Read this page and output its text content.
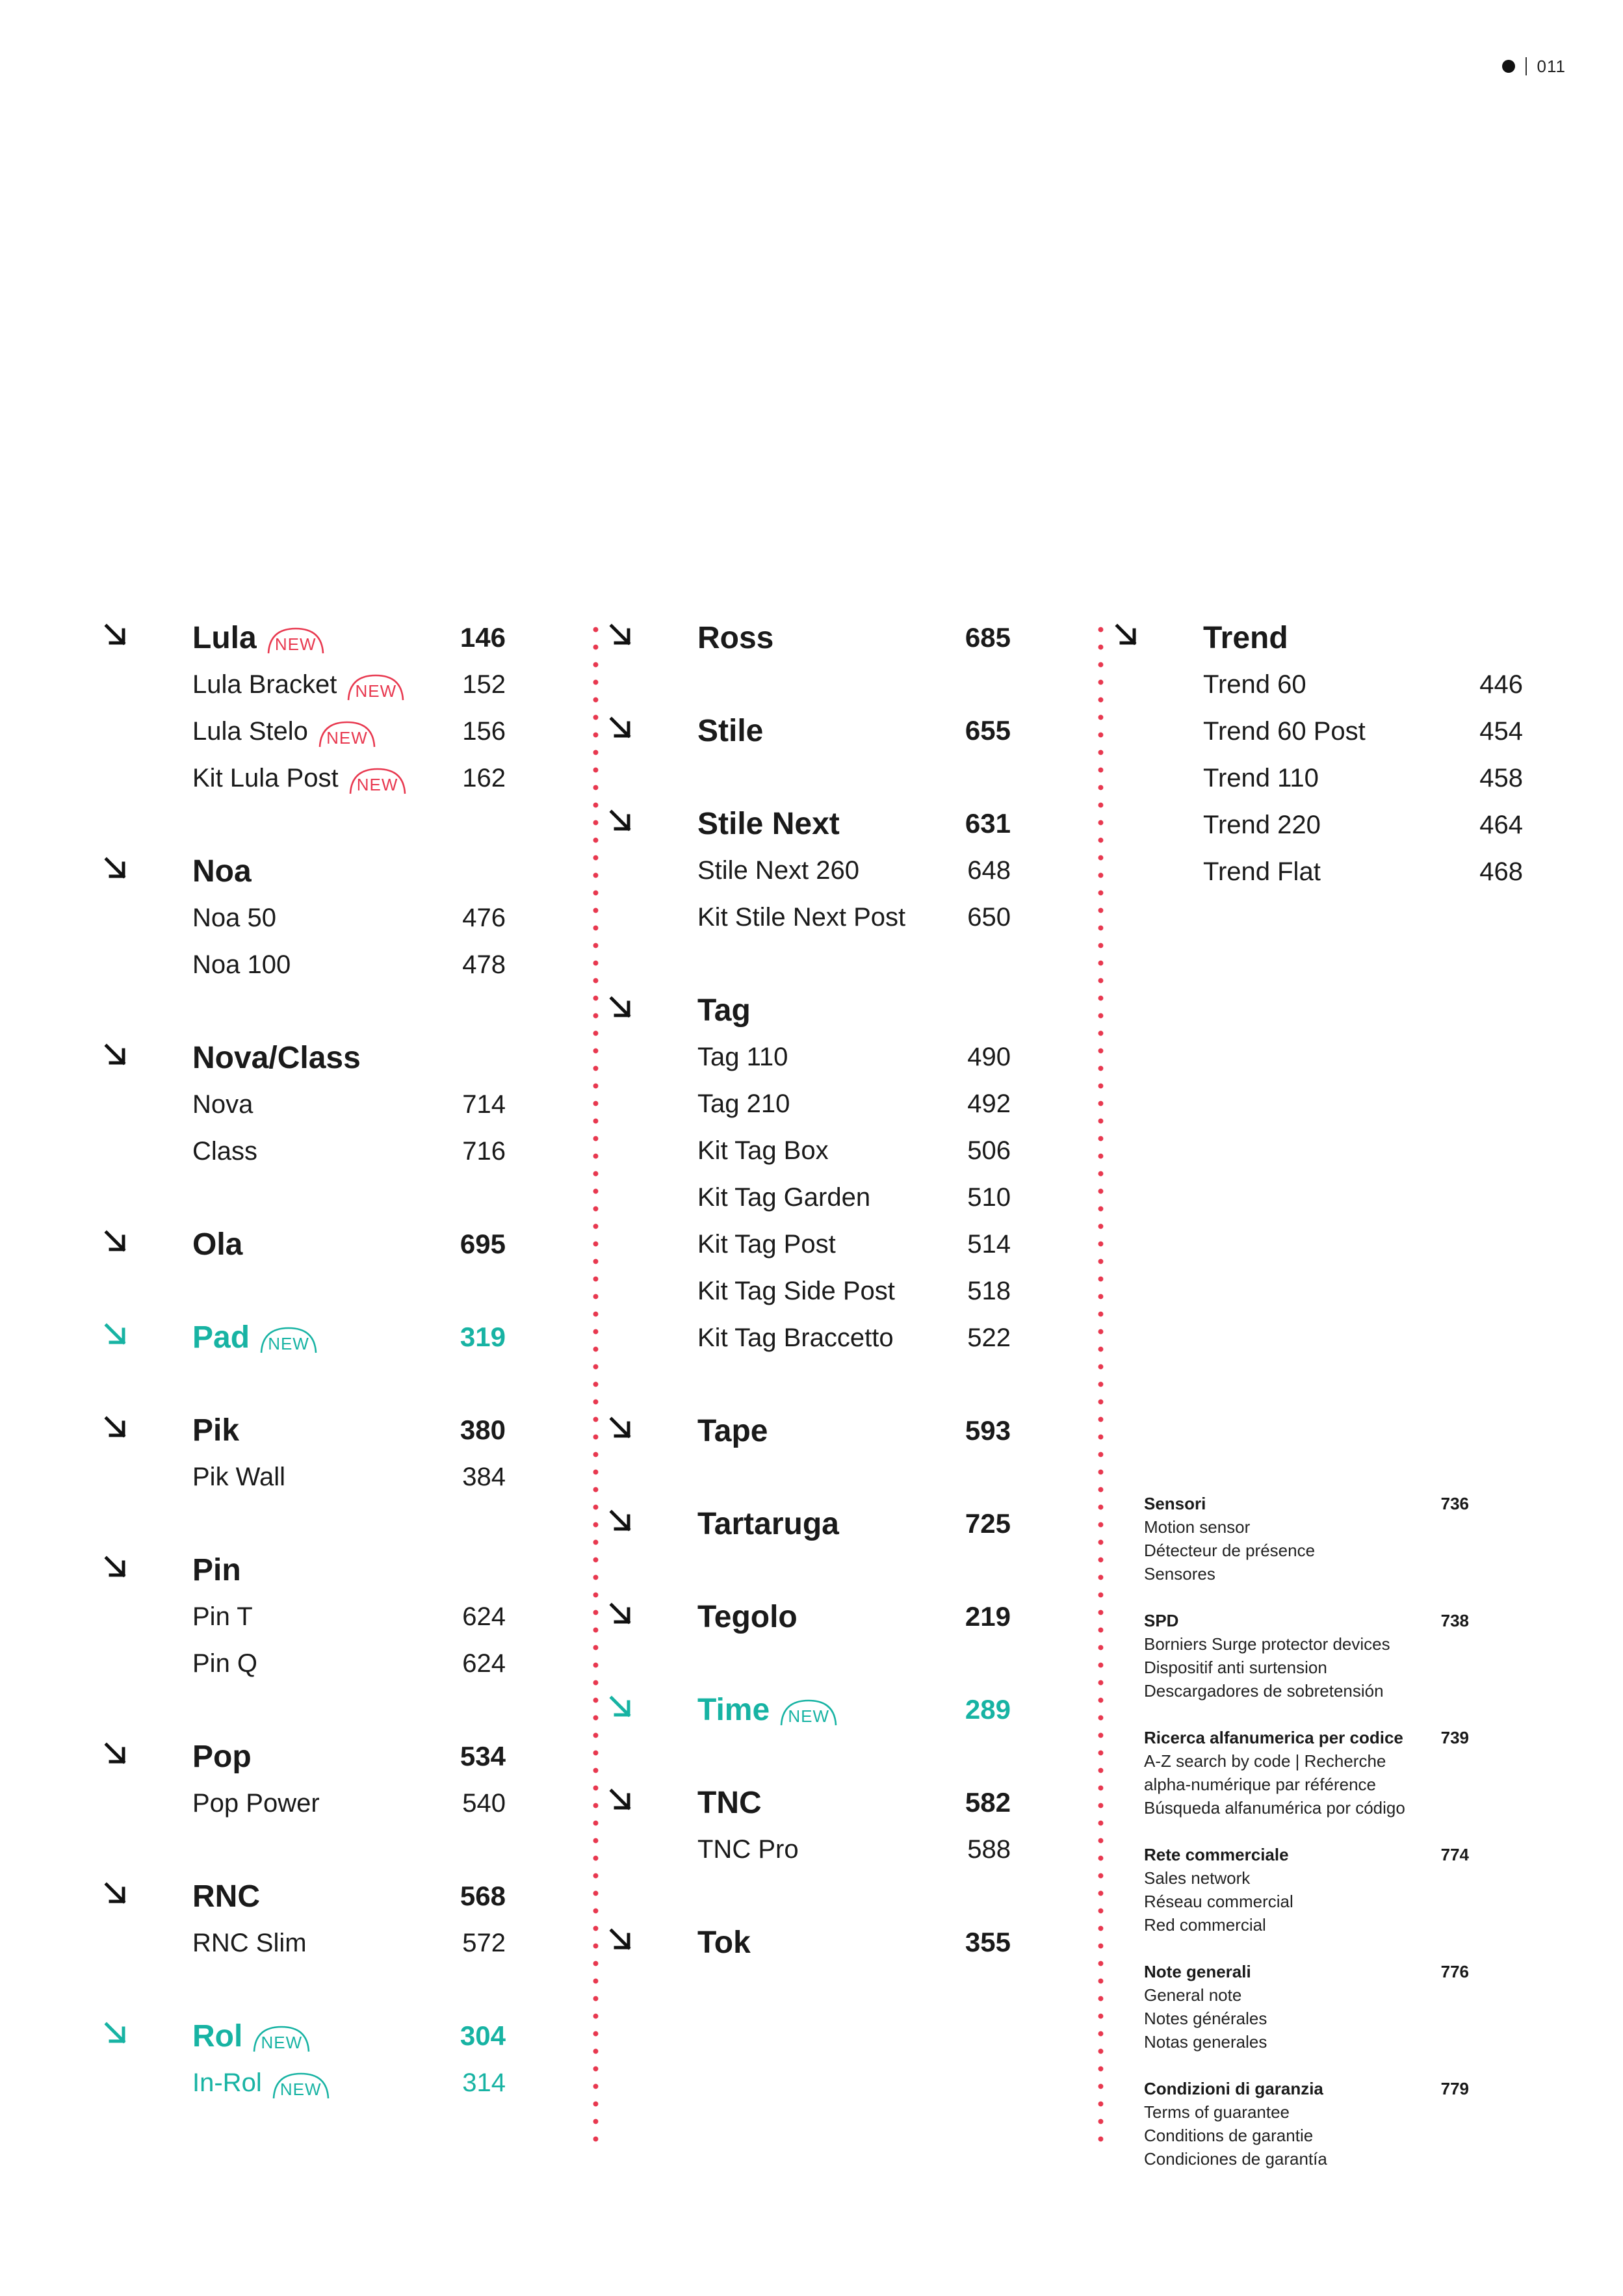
011
Lula	NEW	146
Lula Bracket	NEW	152
Lula Stelo	NEW	156
Kit Lula Post	NEW	162
Noa
Noa 50	476
Noa 100	478
Nova/Class
Nova	714
Class	716
Ola	695
Pad	NEW	319
Pik	380
Pik Wall	384
Pin
Pin T	624
Pin Q	624
Pop	534
Pop Power	540
RNC	568
RNC Slim	572
Rol	NEW	304
In-Rol	NEW	314
Ross	685
Stile	655
Stile Next	631
Stile Next 260	648
Kit Stile Next Post 650
Tag
Tag 110	490
Tag 210	492
Kit Tag Box	506
Kit Tag Garden	510
Kit Tag Post	514
Kit Tag Side Post	518
Kit Tag Braccetto	522
Tape	593
Tartaruga	725
Tegolo	219
Time	NEW	289
TNC	582
TNC Pro	588
Tok	355
Trend
Trend 60	446
Trend 60 Post	454
Trend 110	458
Trend 220	464
Trend Flat	468
Sensori	736
Motion sensor
Détecteur de présence
Sensores
SPD	738
Borniers Surge protector devices
Dispositif anti surtension
Descargadores de sobretensión
Ricerca alfanumerica per codice 739
A-Z search by code | Recherche
alpha-numérique par référence
Búsqueda alfanumérica por código
Rete commerciale	774
Sales network
Réseau commercial
Red commercial
Note generali	776
General note
Notes générales
Notas generales
Condizioni di garanzia	779
Terms of guarantee
Conditions de garantie
Condiciones de garantía
